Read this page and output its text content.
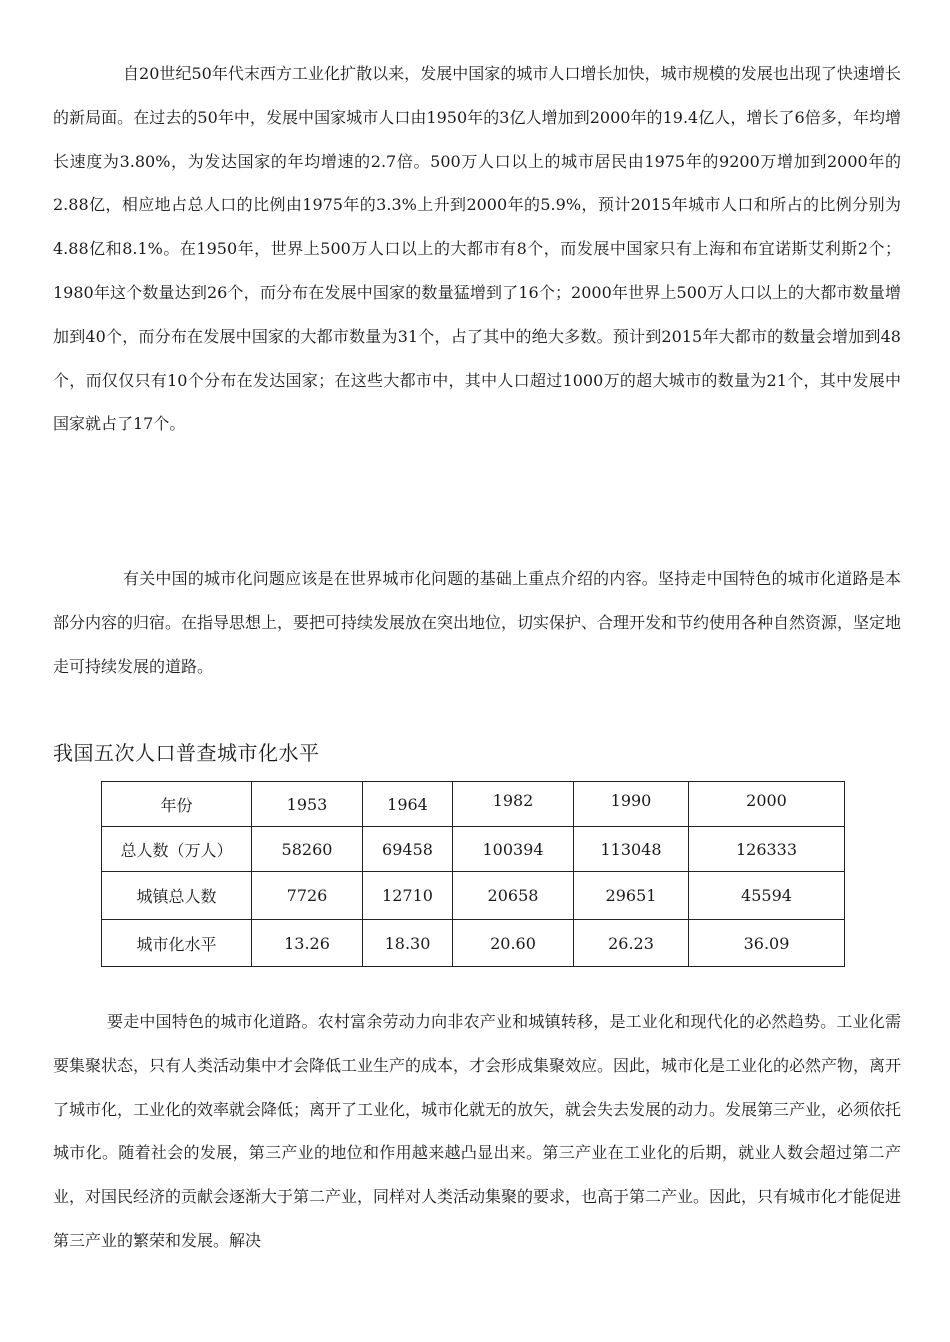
自20世纪50年代末西方工业化扩散以来，发展中国家的城市人口增长加快，城市规模的发展也出现了快速增长的新局面。在过去的50年中，发展中国家城市人口由1950年的3亿人增加到2000年的19.4亿人，增长了6倍多，年均增长速度为3.80%，为发达国家的年均增速的2.7倍。500万人口以上的城市居民由1975年的9200万增加到2000年的2.88亿，相应地占总人口的比例由1975年的3.3%上升到2000年的5.9%，预计2015年城市人口和所占的比例分别为4.88亿和8.1%。在1950年，世界上500万人口以上的大都市有8个，而发展中国家只有上海和布宜诺斯艾利斯2个；1980年这个数量达到26个，而分布在发展中国家的数量猛增到了16个；2000年世界上500万人口以上的大都市数量增加到40个，而分布在发展中国家的大都市数量为31个，占了其中的绝大多数。预计到2015年大都市的数量会增加到48个，而仅仅只有10个分布在发达国家；在这些大都市中，其中人口超过1000万的超大城市的数量为21个，其中发展中国家就占了17个。

有关中国的城市化问题应该是在世界城市化问题的基础上重点介绍的内容。坚持走中国特色的城市化道路是本部分内容的归宿。在指导思想上，要把可持续发展放在突出地位，切实保护、合理开发和节约使用各种自然资源，坚定地走可持续发展的道路。

我国五次人口普查城市化水平

年份	1953	1964	1982	1990	2000
总人数（万人）	58260	69458	100394	113048	126333
城镇总人数	7726	12710	20658	29651	45594
城市化水平	13.26	18.30	20.60	26.23	36.09

要走中国特色的城市化道路。农村富余劳动力向非农产业和城镇转移，是工业化和现代化的必然趋势。工业化需要集聚状态，只有人类活动集中才会降低工业生产的成本，才会形成集聚效应。因此，城市化是工业化的必然产物，离开了城市化，工业化的效率就会降低；离开了工业化，城市化就无的放矢，就会失去发展的动力。发展第三产业，必须依托城市化。随着社会的发展，第三产业的地位和作用越来越凸显出来。第三产业在工业化的后期，就业人数会超过第二产业，对国民经济的贡献会逐渐大于第二产业，同样对人类活动集聚的要求，也高于第二产业。因此，只有城市化才能促进第三产业的繁荣和发展。解决
